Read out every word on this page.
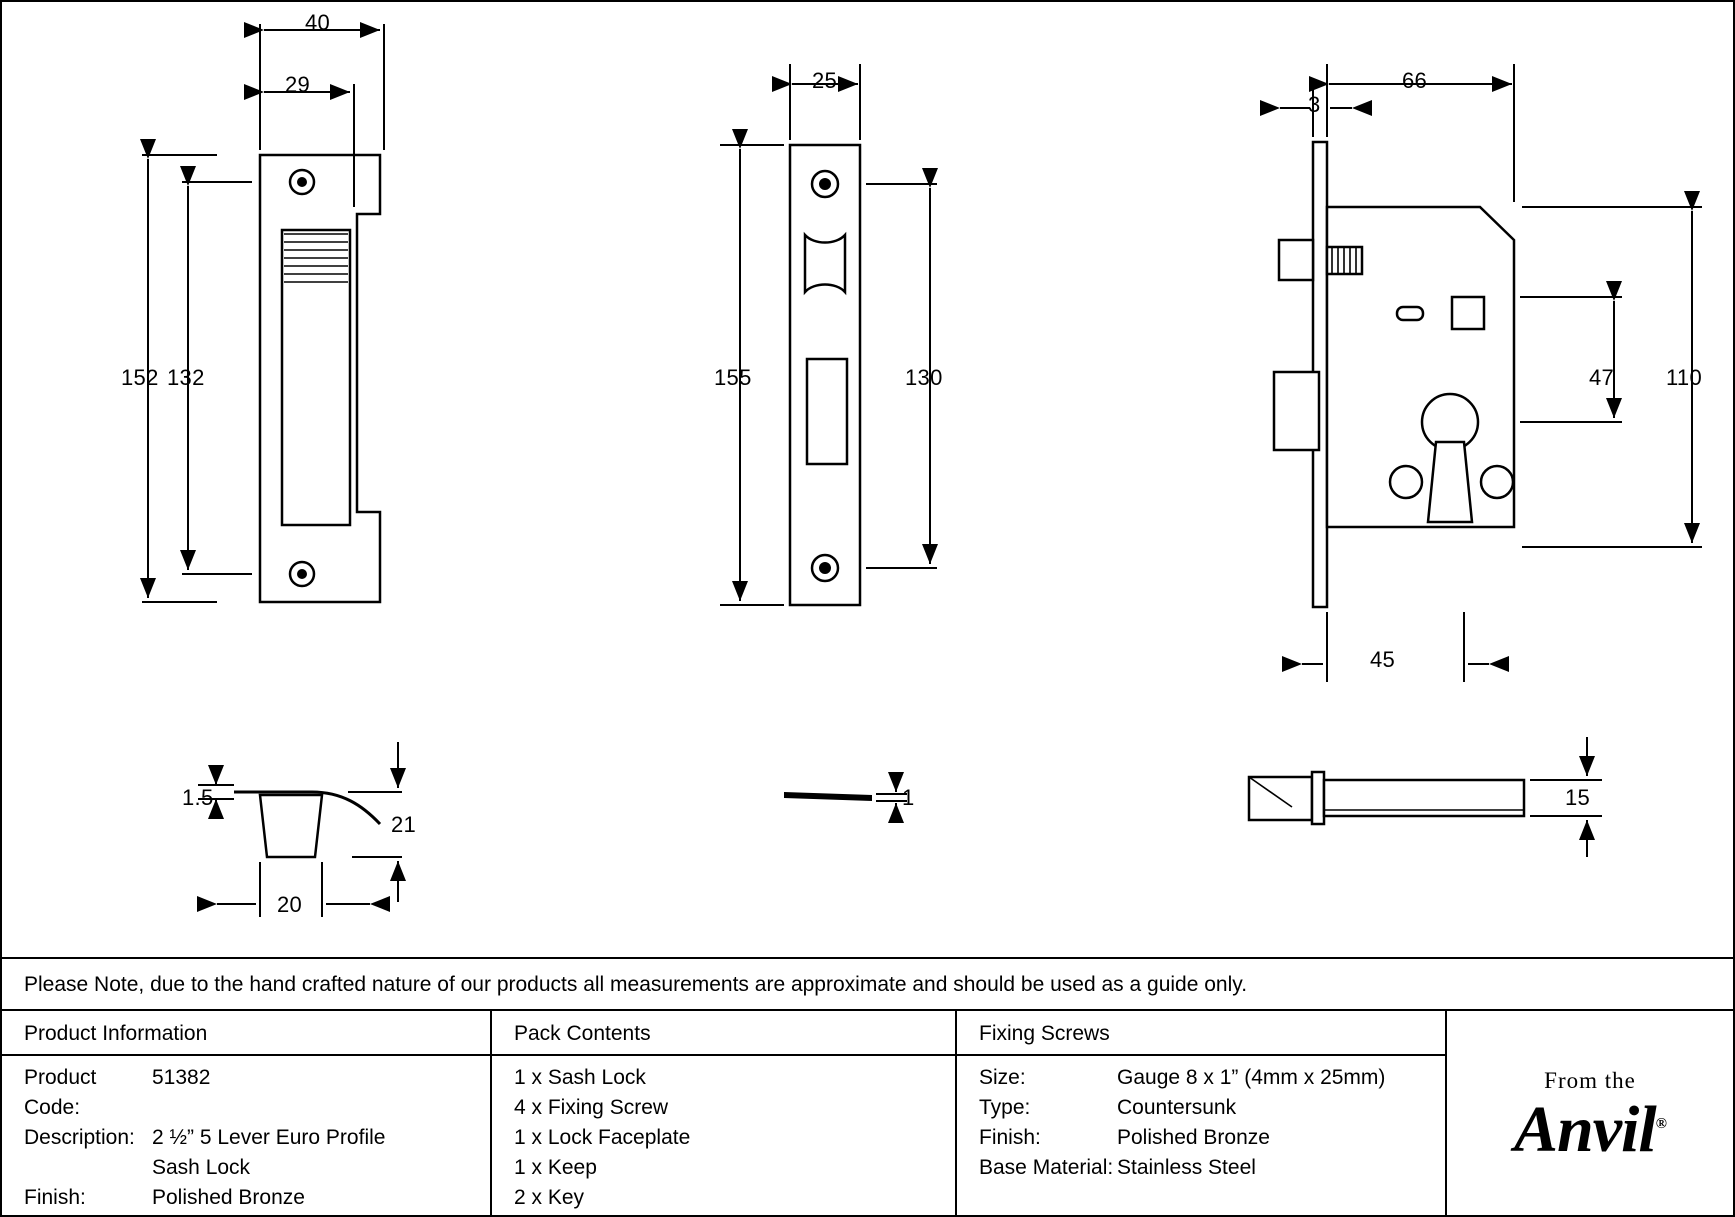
40
29
152 132
1.5
21
20
25
155	130
1
66
3
47 110
45
15
Please Note, due to the hand crafted nature of our products all measurements are approximate and should be used as a guide only.
Product Information
Product Code:
51382
Description: 2 ½” 5 Lever Euro Profile
Sash Lock
Finish:	Polished Bronze
Pack Contents
1 x Sash Lock
4 x Fixing Screw
1 x Lock Faceplate
1 x Keep
2 x Key
Fixing Screws
Size:	Gauge 8 x 1” (4mm x 25mm)
Type:	Countersunk
Finish:	Polished Bronze
Base Material: Stainless Steel
From the
Anvil®
